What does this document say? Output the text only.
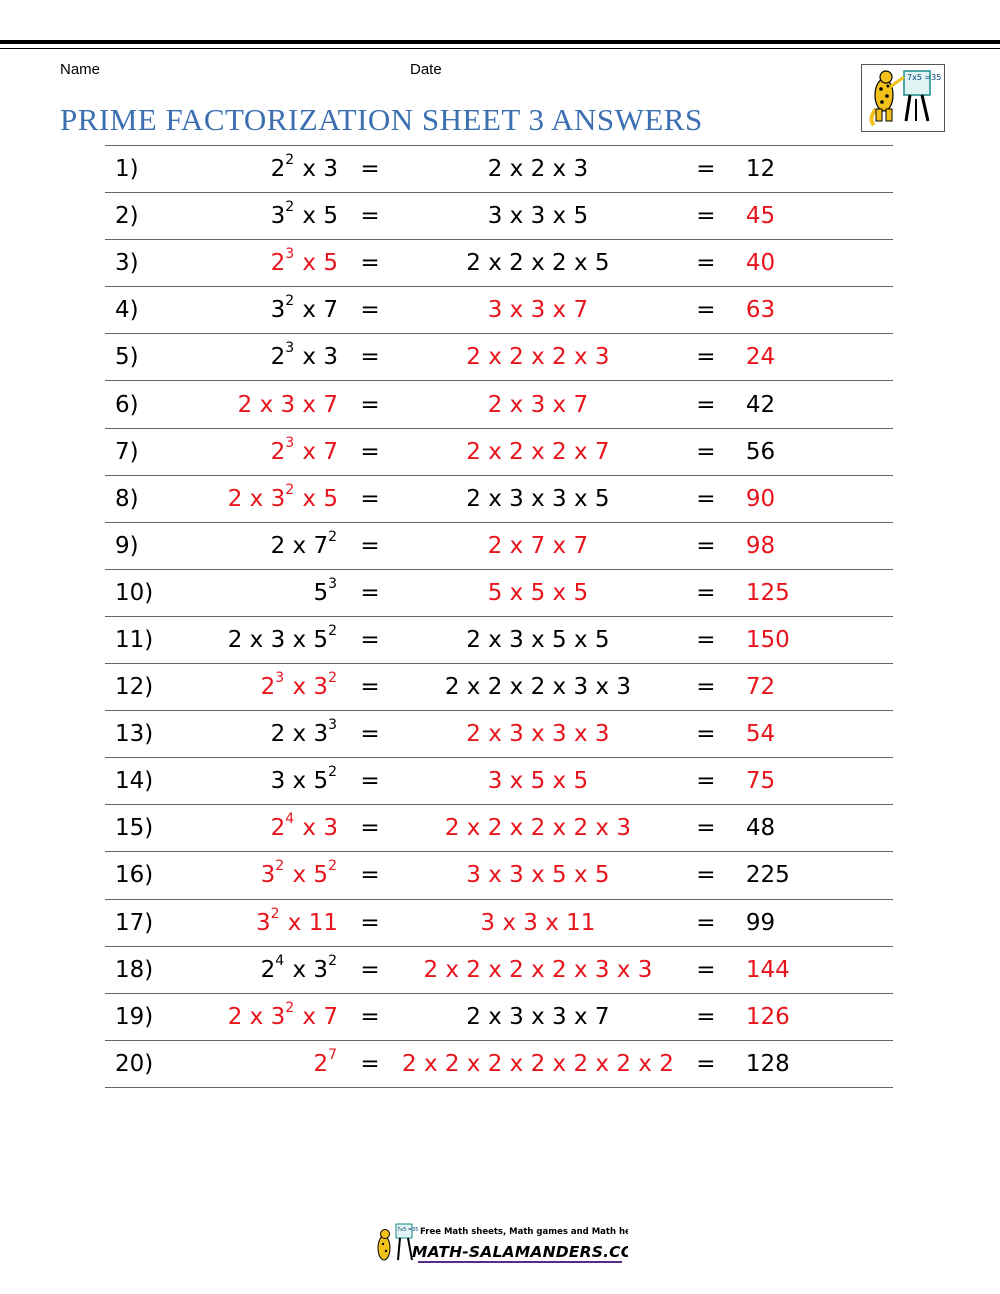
Name	Date
PRIME FACTORIZATION SHEET 3 ANSWERS
7x5 =35
1)	$2^2$ x 3	=	2 x 2 x 3	=	12
2)	$3^2$ x 5	=	3 x 3 x 5	=	45
3)	$2^3$ x 5	=	2 x 2 x 2 x 5	=	40
4)	$3^2$ x 7	=	3 x 3 x 7	=	63
5)	$2^3$ x 3	=	2 x 2 x 2 x 3	=	24
6)	2 x 3 x 7	=	2 x 3 x 7	=	42
7)	$2^3$ x 7	=	2 x 2 x 2 x 7	=	56
8)	2 x $3^2$ x 5	=	2 x 3 x 3 x 5	=	90
9)	2 x $7^2$	=	2 x 7 x 7	=	98
10)	$5^3$	=	5 x 5 x 5	=	125
11)	2 x 3 x $5^2$	=	2 x 3 x 5 x 5	=	150
12)	$2^3$ x $3^2$	=	2 x 2 x 2 x 3 x 3	=	72
13)	2 x $3^3$	=	2 x 3 x 3 x 3	=	54
14)	3 x $5^2$	=	3 x 5 x 5	=	75
15)	$2^4$ x 3	=	2 x 2 x 2 x 2 x 3	=	48
16)	$3^2$ x $5^2$	=	3 x 3 x 5 x 5	=	225
17)	$3^2$ x 11	=	3 x 3 x 11	=	99
18)	$2^4$ x $3^2$	=	2 x 2 x 2 x 2 x 3 x 3	=	144
19)	2 x $3^2$ x 7	=	2 x 3 x 3 x 7	=	126
20)	$2^7$	=	2 x 2 x 2 x 2 x 2 x 2 x 2	=	128
7x5 =35 Free Math sheets, Math games and Math help
MATH-SALAMANDERS.COM
